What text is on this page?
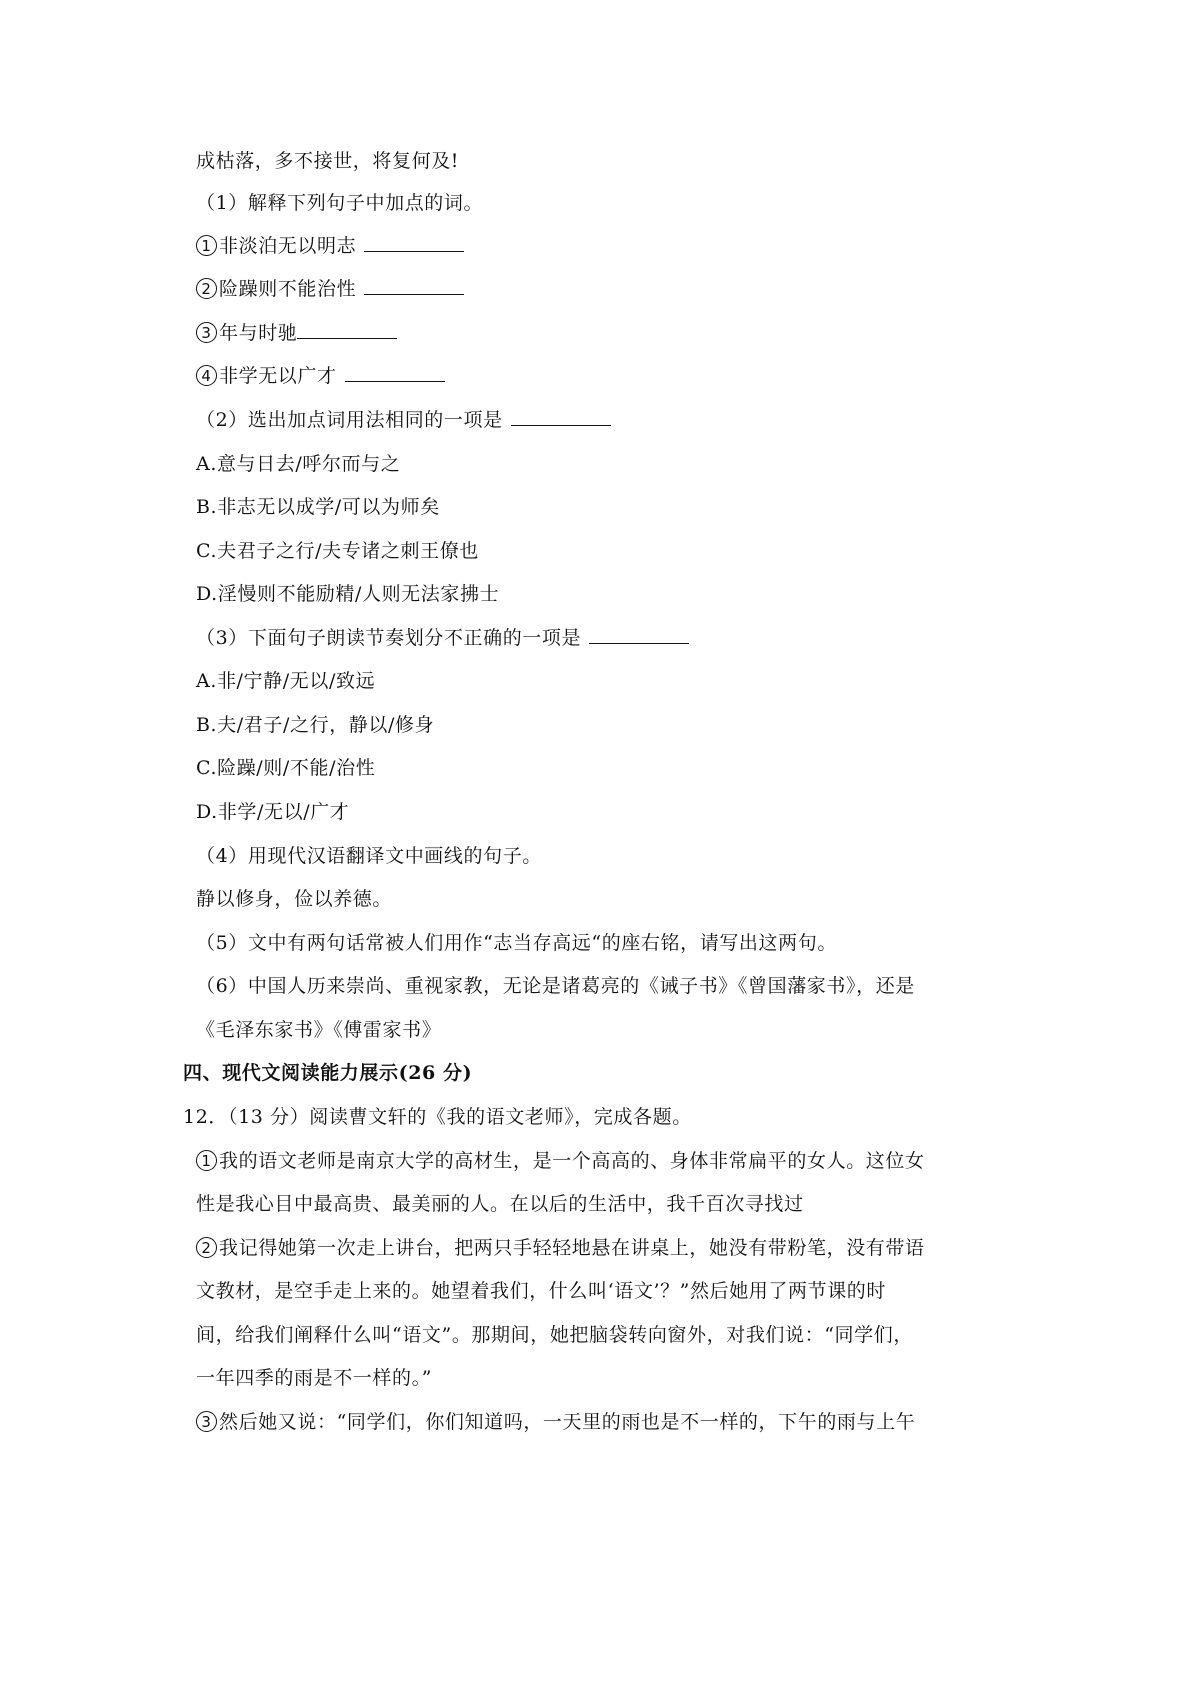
成枯落，多不接世，将复何及!
（1）解释下列句子中加点的词。
1 非淡泊无以明志
2 险躁则不能治性
3 年与时驰
4 非学无以广才
（2）选出加点词用法相同的一项是
A.意与日去/呼尔而与之
B.非志无以成学/可以为师矣
C.夫君子之行/夫专诸之刺王僚也
D.淫慢则不能励精/人则无法家拂士
（3）下面句子朗读节奏划分不正确的一项是
A.非/宁静/无以/致远
B.夫/君子/之行，静以/修身
C.险躁/则/不能/治性
D.非学/无以/广才
（4）用现代汉语翻译文中画线的句子。
静以修身，俭以养德。
（5）文中有两句话常被人们用作“志当存高远“的座右铭，请写出这两句。
（6）中国人历来崇尚、重视家教，无论是诸葛亮的《诫子书》《曾国藩家书》，还是
《毛泽东家书》《傅雷家书》
四、现代文阅读能力展示(26 分)
12．（13 分）阅读曹文轩的《我的语文老师》，完成各题。
1 我的语文老师是南京大学的高材生，是一个高高的、身体非常扁平的女人。这位女
性是我心目中最高贵、最美丽的人。在以后的生活中，我千百次寻找过
2 我记得她第一次走上讲台，把两只手轻轻地悬在讲桌上，她没有带粉笔，没有带语
文教材，是空手走上来的。她望着我们，什么叫‘语文’？”然后她用了两节课的时
间，给我们阐释什么叫“语文”。那期间，她把脑袋转向窗外，对我们说：“同学们，
一年四季的雨是不一样的。”
3 然后她又说：“同学们，你们知道吗，一天里的雨也是不一样的，下午的雨与上午
